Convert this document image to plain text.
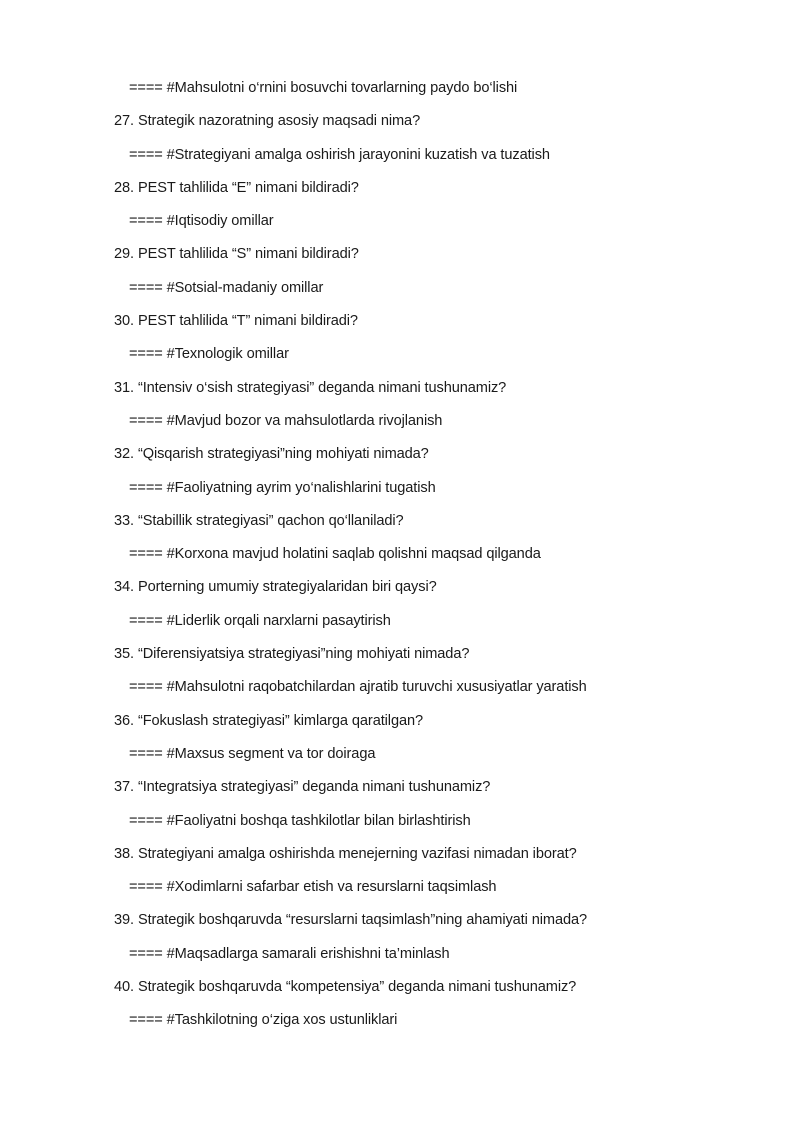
==== #Mahsulotni o‘rnini bosuvchi tovarlarning paydo bo‘lishi
27. Strategik nazoratning asosiy maqsadi nima?
==== #Strategiyani amalga oshirish jarayonini kuzatish va tuzatish
28. PEST tahlilida “E” nimani bildiradi?
==== #Iqtisodiy omillar
29. PEST tahlilida “S” nimani bildiradi?
==== #Sotsial-madaniy omillar
30. PEST tahlilida “T” nimani bildiradi?
==== #Texnologik omillar
31. “Intensiv o‘sish strategiyasi” deganda nimani tushunamiz?
==== #Mavjud bozor va mahsulotlarda rivojlanish
32. “Qisqarish strategiyasi”ning mohiyati nimada?
==== #Faoliyatning ayrim yo‘nalishlarini tugatish
33. “Stabillik strategiyasi” qachon qo‘llaniladi?
==== #Korxona mavjud holatini saqlab qolishni maqsad qilganda
34. Porterning umumiy strategiyalaridan biri qaysi?
==== #Liderlik orqali narxlarni pasaytirish
35. “Diferensiyatsiya strategiyasi”ning mohiyati nimada?
==== #Mahsulotni raqobatchilardan ajratib turuvchi xususiyatlar yaratish
36. “Fokuslash strategiyasi” kimlarga qaratilgan?
==== #Maxsus segment va tor doiraga
37. “Integratsiya strategiyasi” deganda nimani tushunamiz?
==== #Faoliyatni boshqa tashkilotlar bilan birlashtirish
38. Strategiyani amalga oshirishda menejerning vazifasi nimadan iborat?
==== #Xodimlarni safarbar etish va resurslarni taqsimlash
39. Strategik boshqaruvda “resurslarni taqsimlash”ning ahamiyati nimada?
==== #Maqsadlarga samarali erishishni ta’minlash
40. Strategik boshqaruvda “kompetensiya” deganda nimani tushunamiz?
==== #Tashkilotning o‘ziga xos ustunliklari
